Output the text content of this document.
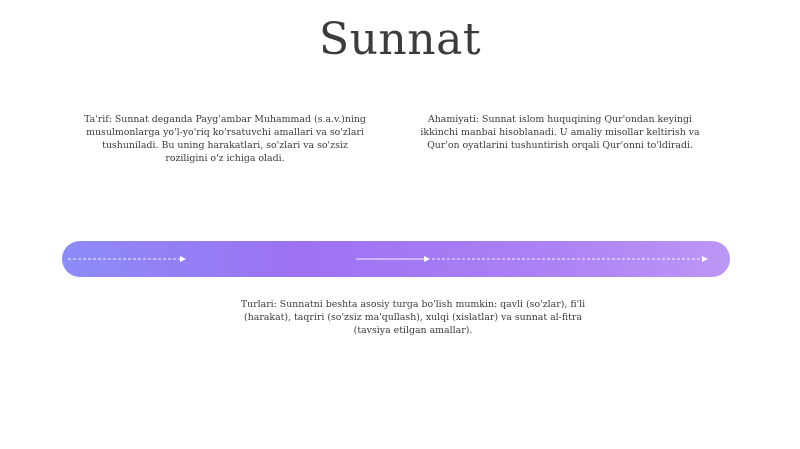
Sunnat
Ta'rif: Sunnat deganda Payg'ambar Muhammad (s.a.v.)ning musulmonlarga yo'l-yo'riq ko'rsatuvchi amallari va so'zlari tushuniladi. Bu uning harakatlari, so'zlari va so'zsiz roziligini o'z ichiga oladi.
Ahamiyati: Sunnat islom huquqining Qur'ondan keyingi ikkinchi manbai hisoblanadi. U amaliy misollar keltirish va Qur'on oyatlarini tushuntirish orqali Qur'onni to'ldiradi.
Turlari: Sunnatni beshta asosiy turga bo'lish mumkin: qavli (so'zlar), fi'li (harakat), taqriri (so'zsiz ma'qullash), xulqi (xislatlar) va sunnat al-fitra (tavsiya etilgan amallar).
